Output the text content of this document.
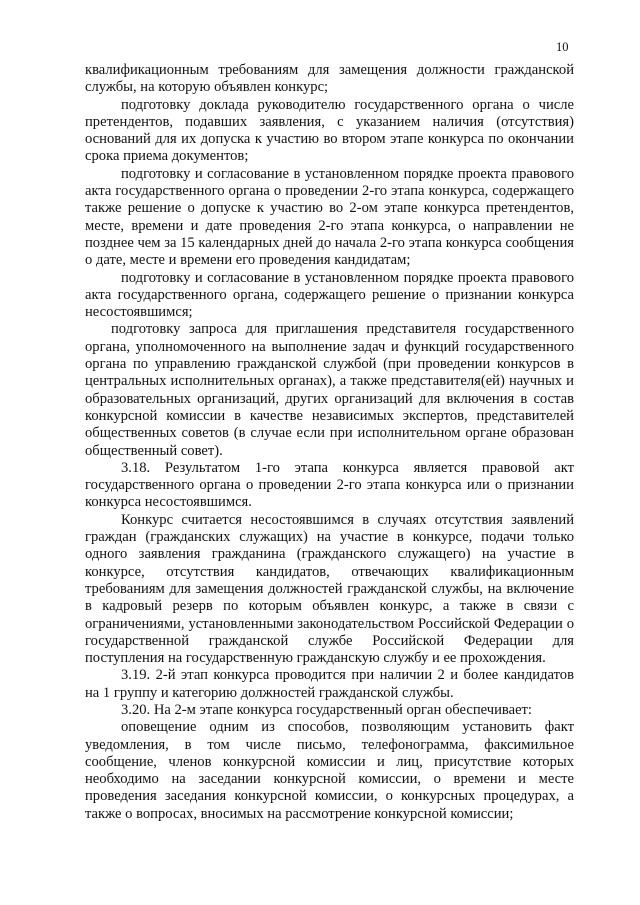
10

квалификационным требованиям для замещения должности гражданской службы, на которую объявлен конкурс;

подготовку доклада руководителю государственного органа о числе претендентов, подавших заявления, с указанием наличия (отсутствия) оснований для их допуска к участию во втором этапе конкурса по окончании срока приема документов;

подготовку и согласование в установленном порядке проекта правового акта государственного органа о проведении 2-го этапа конкурса, содержащего также решение о допуске к участию во 2-ом этапе конкурса претендентов, месте, времени и дате проведения 2-го этапа конкурса, о направлении не позднее чем за 15 календарных дней до начала 2-го этапа конкурса сообщения о дате, месте и времени его проведения кандидатам;

подготовку и согласование в установленном порядке проекта правового акта государственного органа, содержащего решение о признании конкурса несостоявшимся;

подготовку запроса для приглашения представителя государственного органа, уполномоченного на выполнение задач и функций государственного органа по управлению гражданской службой (при проведении конкурсов в центральных исполнительных органах), а также представителя(ей) научных и образовательных организаций, других организаций для включения в состав конкурсной комиссии в качестве независимых экспертов, представителей общественных советов (в случае если при исполнительном органе образован общественный совет).

3.18. Результатом 1-го этапа конкурса является правовой акт государственного органа о проведении 2-го этапа конкурса или о признании конкурса несостоявшимся.

Конкурс считается несостоявшимся в случаях отсутствия заявлений граждан (гражданских служащих) на участие в конкурсе, подачи только одного заявления гражданина (гражданского служащего) на участие в конкурсе, отсутствия кандидатов, отвечающих квалификационным требованиям для замещения должностей гражданской службы, на включение в кадровый резерв по которым объявлен конкурс, а также в связи с ограничениями, установленными законодательством Российской Федерации о государственной гражданской службе Российской Федерации для поступления на государственную гражданскую службу и ее прохождения.

3.19. 2-й этап конкурса проводится при наличии 2 и более кандидатов на 1 группу и категорию должностей гражданской службы.

3.20. На 2-м этапе конкурса государственный орган обеспечивает:

оповещение одним из способов, позволяющим установить факт уведомления, в том числе письмо, телефонограмма, факсимильное сообщение, членов конкурсной комиссии и лиц, присутствие которых необходимо на заседании конкурсной комиссии, о времени и месте проведения заседания конкурсной комиссии, о конкурсных процедурах, а также о вопросах, вносимых на рассмотрение конкурсной комиссии;
